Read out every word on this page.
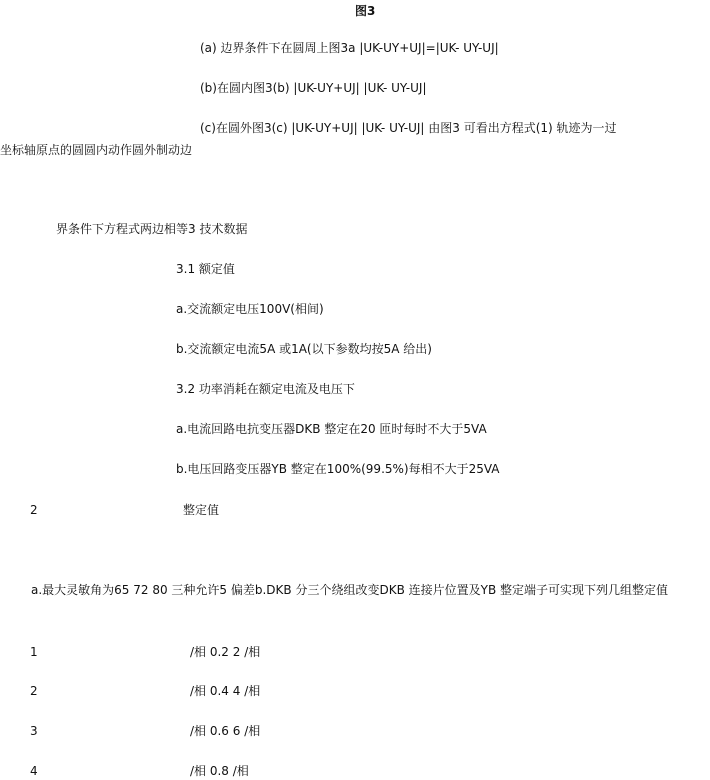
图3
(a) 边界条件下在圆周上图3a |UK-UY+UJ|=|UK- UY-UJ|
(b)在圆内图3(b) |UK-UY+UJ| |UK- UY-UJ|
(c)在圆外图3(c) |UK-UY+UJ| |UK- UY-UJ| 由图3 可看出方程式(1) 轨迹为一过
坐标轴原点的圆圆内动作圆外制动边
界条件下方程式两边相等3 技术数据
3.1 额定值
a.交流额定电压100V(相间)
b.交流额定电流5A 或1A(以下参数均按5A 给出)
3.2 功率消耗在额定电流及电压下
a.电流回路电抗变压器DKB 整定在20 匝时每时不大于5VA
b.电压回路变压器YB 整定在100%(99.5%)每相不大于25VA
2	整定值
a.最大灵敏角为65 72 80 三种允许5 偏差b.DKB 分三个绕组改变DKB 连接片位置及YB 整定端子可实现下列几组整定值
1	/相 0.2 2 /相
2	/相 0.4 4 /相
3	/相 0.6 6 /相
4	/相 0.8 /相
